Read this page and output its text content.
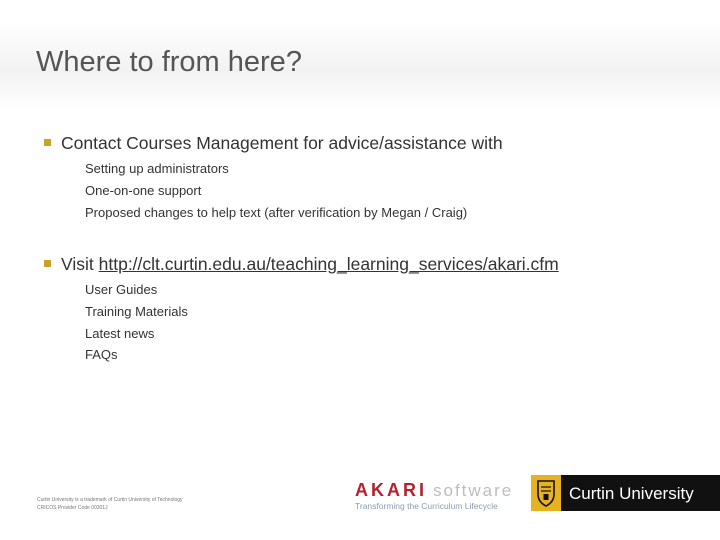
Where to from here?
Contact Courses Management for advice/assistance with
Setting up administrators
One-on-one support
Proposed changes to help text (after verification by Megan / Craig)
Visit http://clt.curtin.edu.au/teaching_learning_services/akari.cfm
User Guides
Training Materials
Latest news
FAQs
Curtin University is a trademark of Curtin University of Technology
CRICOS Provider Code 00301J
AKARI software
Transforming the Curriculum Lifecycle
Curtin University
